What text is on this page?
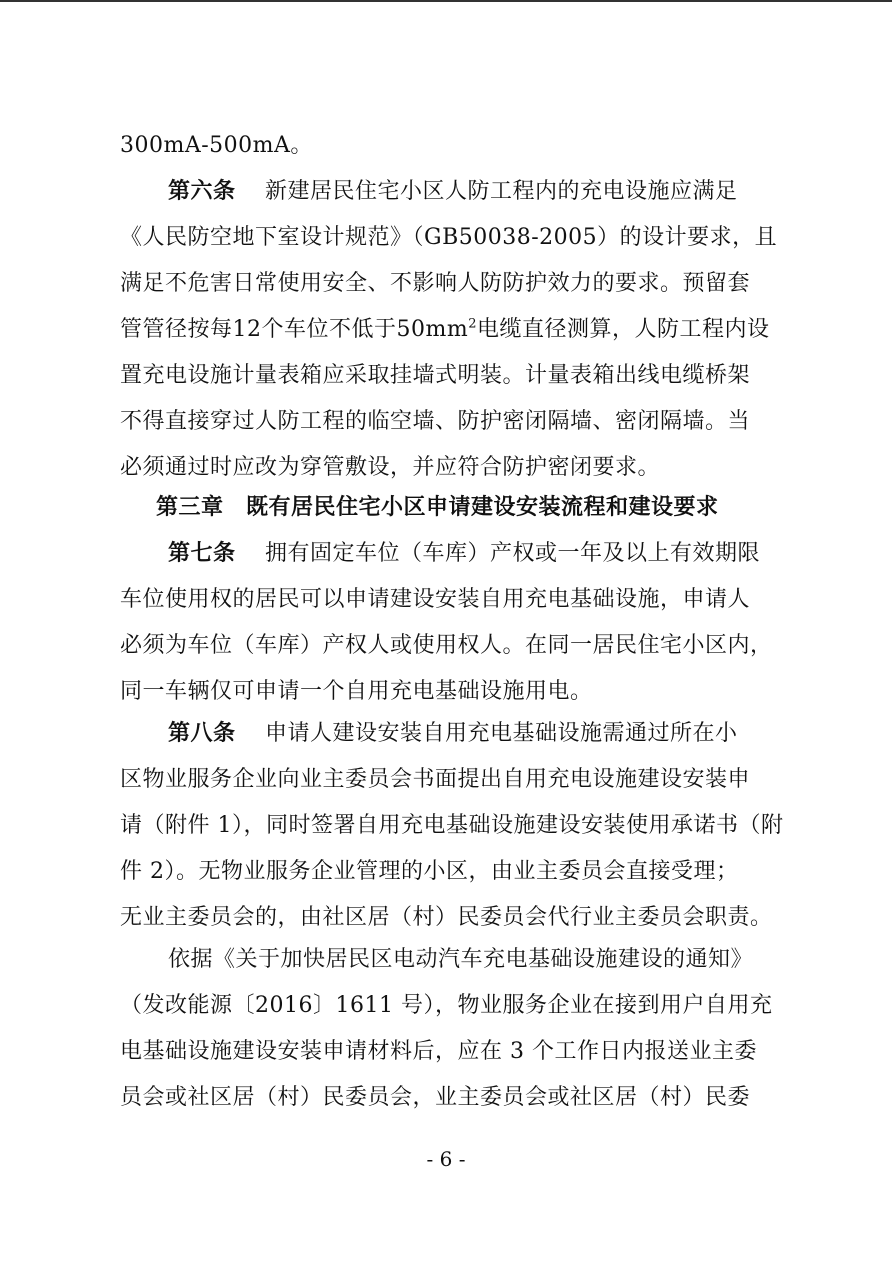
300mA-500mA。
第六条 新建居民住宅小区人防工程内的充电设施应满足
《人民防空地下室设计规范》（GB50038-2005）的设计要求，且
满足不危害日常使用安全、不影响人防防护效力的要求。预留套
管管径按每12个车位不低于$50mm^2$电缆直径测算，人防工程内设
置充电设施计量表箱应采取挂墙式明装。计量表箱出线电缆桥架
不得直接穿过人防工程的临空墙、防护密闭隔墙、密闭隔墙。当
必须通过时应改为穿管敷设，并应符合防护密闭要求。
第三章　既有居民住宅小区申请建设安装流程和建设要求
第七条 拥有固定车位（车库）产权或一年及以上有效期限
车位使用权的居民可以申请建设安装自用充电基础设施，申请人
必须为车位（车库）产权人或使用权人。在同一居民住宅小区内，
同一车辆仅可申请一个自用充电基础设施用电。
第八条 申请人建设安装自用充电基础设施需通过所在小
区物业服务企业向业主委员会书面提出自用充电设施建设安装申
请（附件 1），同时签署自用充电基础设施建设安装使用承诺书（附
件 2）。无物业服务企业管理的小区，由业主委员会直接受理；
无业主委员会的，由社区居（村）民委员会代行业主委员会职责。
依据《关于加快居民区电动汽车充电基础设施建设的通知》
（发改能源〔2016〕1611 号），物业服务企业在接到用户自用充
电基础设施建设安装申请材料后，应在 3 个工作日内报送业主委
员会或社区居（村）民委员会，业主委员会或社区居（村）民委
- 6 -
